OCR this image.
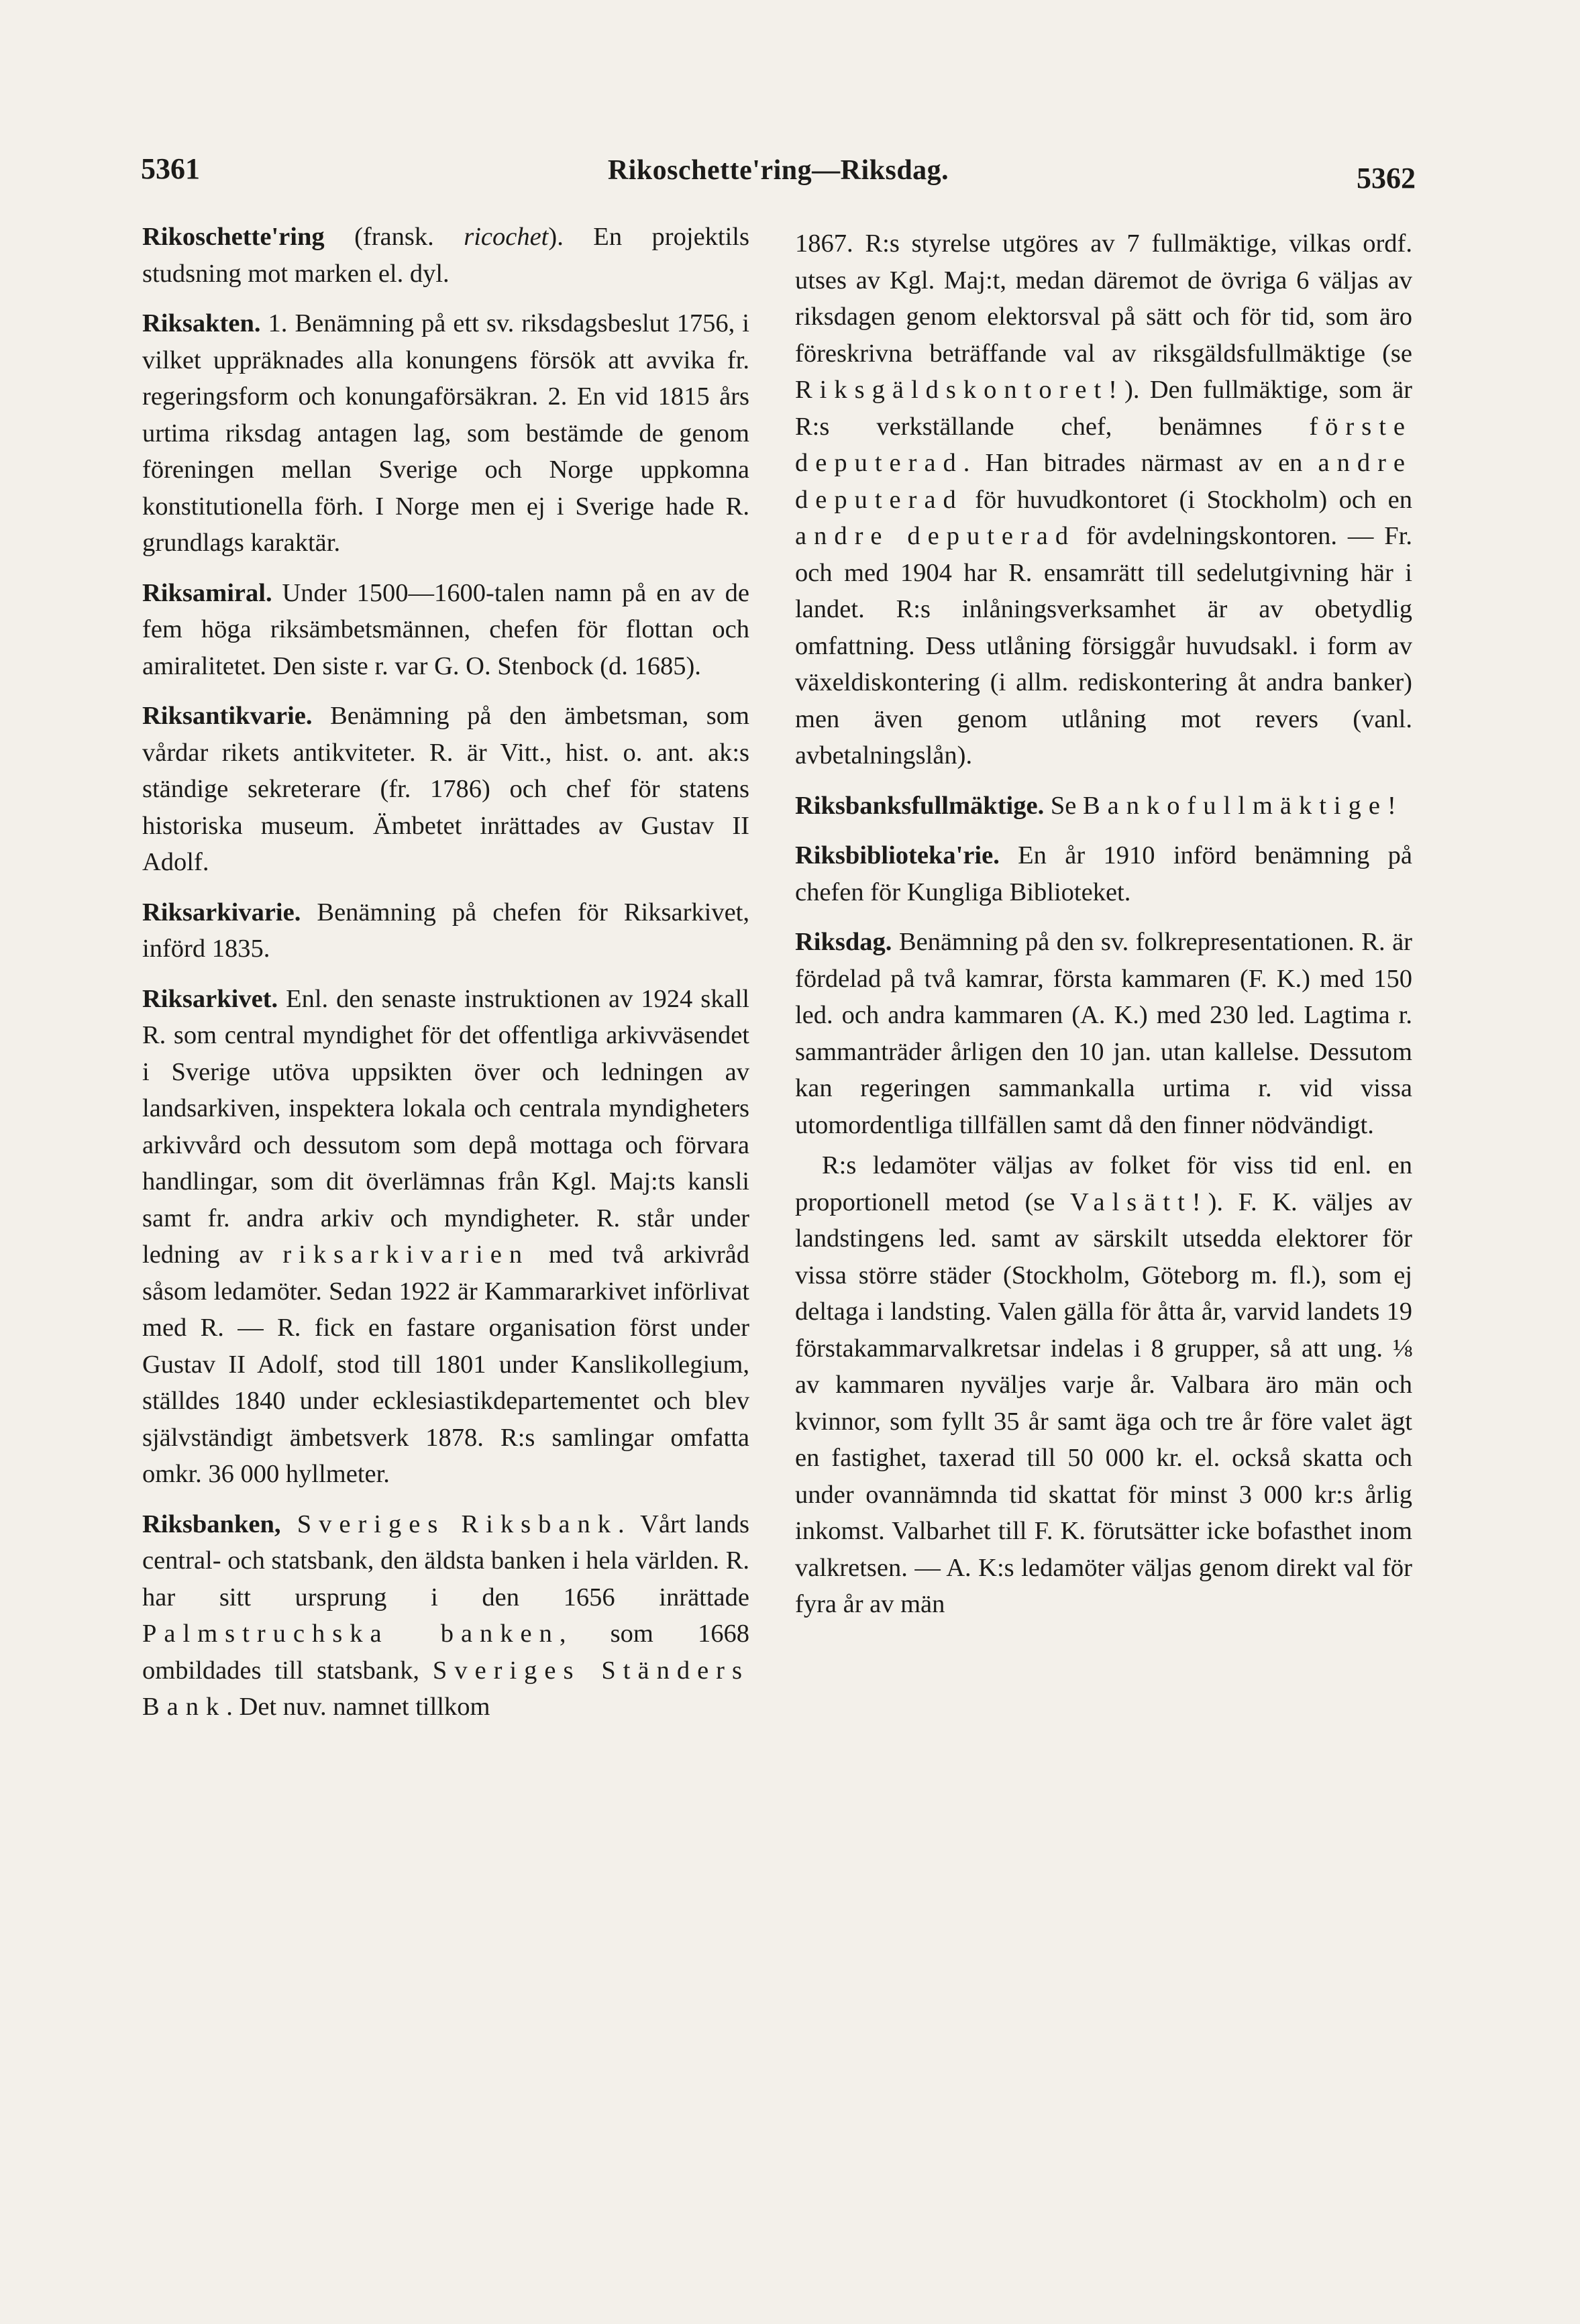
5361	Rikoschette'ring—Riksdag.	5362

Rikoschette'ring (fransk. ricochet). En projektils studsning mot marken el. dyl.

Riksakten. 1. Benämning på ett sv. riksdagsbeslut 1756, i vilket uppräknades alla konungens försök att avvika fr. regeringsform och konungaförsäkran. 2. En vid 1815 års urtima riksdag antagen lag, som bestämde de genom föreningen mellan Sverige och Norge uppkomna konstitutionella förh. I Norge men ej i Sverige hade R. grundlags karaktär.

Riksamiral. Under 1500—1600-talen namn på en av de fem höga riksämbetsmännen, chefen för flottan och amiralitetet. Den siste r. var G. O. Stenbock (d. 1685).

Riksantikvarie. Benämning på den ämbetsman, som vårdar rikets antikviteter. R. är Vitt., hist. o. ant. ak:s ständige sekreterare (fr. 1786) och chef för statens historiska museum. Ämbetet inrättades av Gustav II Adolf.

Riksarkivarie. Benämning på chefen för Riksarkivet, införd 1835.

Riksarkivet. Enl. den senaste instruktionen av 1924 skall R. som central myndighet för det offentliga arkivväsendet i Sverige utöva uppsikten över och ledningen av landsarkiven, inspektera lokala och centrala myndigheters arkivvård och dessutom som depå mottaga och förvara handlingar, som dit överlämnas från Kgl. Maj:ts kansli samt fr. andra arkiv och myndigheter. R. står under ledning av riksarkivarien med två arkivråd såsom ledamöter. Sedan 1922 är Kammararkivet införlivat med R. — R. fick en fastare organisation först under Gustav II Adolf, stod till 1801 under Kanslikollegium, ställdes 1840 under ecklesiastikdepartementet och blev självständigt ämbetsverk 1878. R:s samlingar omfatta omkr. 36 000 hyllmeter.

Riksbanken, Sveriges Riksbank. Vårt lands central- och statsbank, den äldsta banken i hela världen. R. har sitt ursprung i den 1656 inrättade Palmstruchska banken, som 1668 ombildades till statsbank, Sveriges Ständers Bank. Det nuv. namnet tillkom

1867. R:s styrelse utgöres av 7 fullmäktige, vilkas ordf. utses av Kgl. Maj:t, medan däremot de övriga 6 väljas av riksdagen genom elektorsval på sätt och för tid, som äro föreskrivna beträffande val av riksgäldsfullmäktige (se Riksgäldskontoret!). Den fullmäktige, som är R:s verkställande chef, benämnes förste deputerad. Han bitrades närmast av en andre deputerad för huvudkontoret (i Stockholm) och en andre deputerad för avdelningskontoren. — Fr. och med 1904 har R. ensamrätt till sedelutgivning här i landet. R:s inlåningsverksamhet är av obetydlig omfattning. Dess utlåning försiggår huvudsakl. i form av växeldiskontering (i allm. rediskontering åt andra banker) men även genom utlåning mot revers (vanl. avbetalningslån).

Riksbanksfullmäktige. Se Bankofullmäktige!

Riksbiblioteka'rie. En år 1910 införd benämning på chefen för Kungliga Biblioteket.

Riksdag. Benämning på den sv. folkrepresentationen. R. är fördelad på två kamrar, första kammaren (F. K.) med 150 led. och andra kammaren (A. K.) med 230 led. Lagtima r. sammanträder årligen den 10 jan. utan kallelse. Dessutom kan regeringen sammankalla urtima r. vid vissa utomordentliga tillfällen samt då den finner nödvändigt.

R:s ledamöter väljas av folket för viss tid enl. en proportionell metod (se Valsätt!). F. K. väljes av landstingens led. samt av särskilt utsedda elektorer för vissa större städer (Stockholm, Göteborg m. fl.), som ej deltaga i landsting. Valen gälla för åtta år, varvid landets 19 förstakammarvalkretsar indelas i 8 grupper, så att ung. ⅛ av kammaren nyväljes varje år. Valbara äro män och kvinnor, som fyllt 35 år samt äga och tre år före valet ägt en fastighet, taxerad till 50 000 kr. el. också skatta och under ovannämnda tid skattat för minst 3 000 kr:s årlig inkomst. Valbarhet till F. K. förutsätter icke bofasthet inom valkretsen. — A. K:s ledamöter väljas genom direkt val för fyra år av män
